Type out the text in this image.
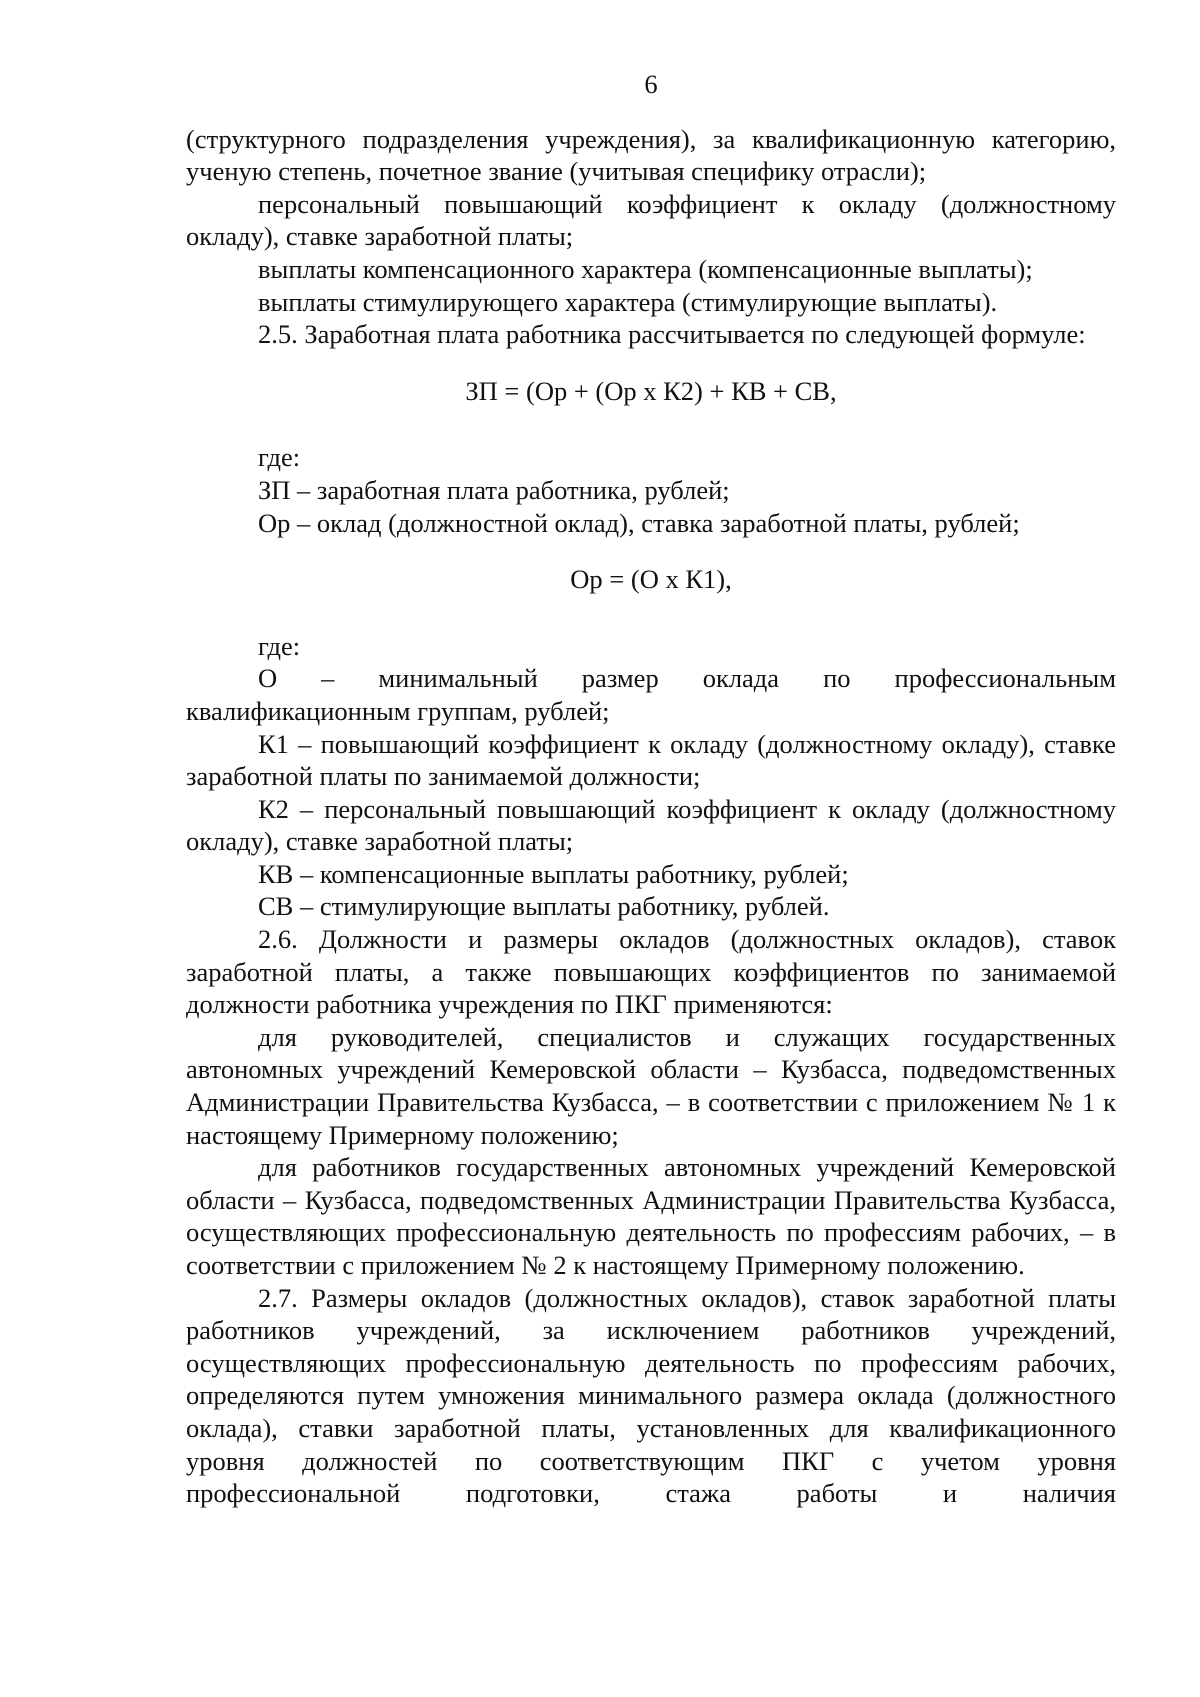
6

(структурного подразделения учреждения), за квалификационную категорию, ученую степень, почетное звание (учитывая специфику отрасли);

персональный повышающий коэффициент к окладу (должностному окладу), ставке заработной платы;

выплаты компенсационного характера (компенсационные выплаты);

выплаты стимулирующего характера (стимулирующие выплаты).

2.5. Заработная плата работника рассчитывается по следующей формуле:

ЗП = (Ор + (Ор х К2) + КВ + СВ,

где:

ЗП – заработная плата работника, рублей;

Ор – оклад (должностной оклад), ставка заработной платы, рублей;

Ор = (О х К1),

где:

О – минимальный размер оклада по профессиональным квалификационным группам, рублей;

К1 – повышающий коэффициент к окладу (должностному окладу), ставке заработной платы по занимаемой должности;

К2 – персональный повышающий коэффициент к окладу (должностному окладу), ставке заработной платы;

КВ – компенсационные выплаты работнику, рублей;

СВ – стимулирующие выплаты работнику, рублей.

2.6. Должности и размеры окладов (должностных окладов), ставок заработной платы, а также повышающих коэффициентов по занимаемой должности работника учреждения по ПКГ применяются:

для руководителей, специалистов и служащих государственных автономных учреждений Кемеровской области – Кузбасса, подведомственных Администрации Правительства Кузбасса, – в соответствии с приложением № 1 к настоящему Примерному положению;

для работников государственных автономных учреждений Кемеровской области – Кузбасса, подведомственных Администрации Правительства Кузбасса, осуществляющих профессиональную деятельность по профессиям рабочих, – в соответствии с приложением № 2 к настоящему Примерному положению.

2.7. Размеры окладов (должностных окладов), ставок заработной платы работников учреждений, за исключением работников учреждений, осуществляющих профессиональную деятельность по профессиям рабочих, определяются путем умножения минимального размера оклада (должностного оклада), ставки заработной платы, установленных для квалификационного уровня должностей по соответствующим ПКГ с учетом уровня профессиональной подготовки, стажа работы и наличия
